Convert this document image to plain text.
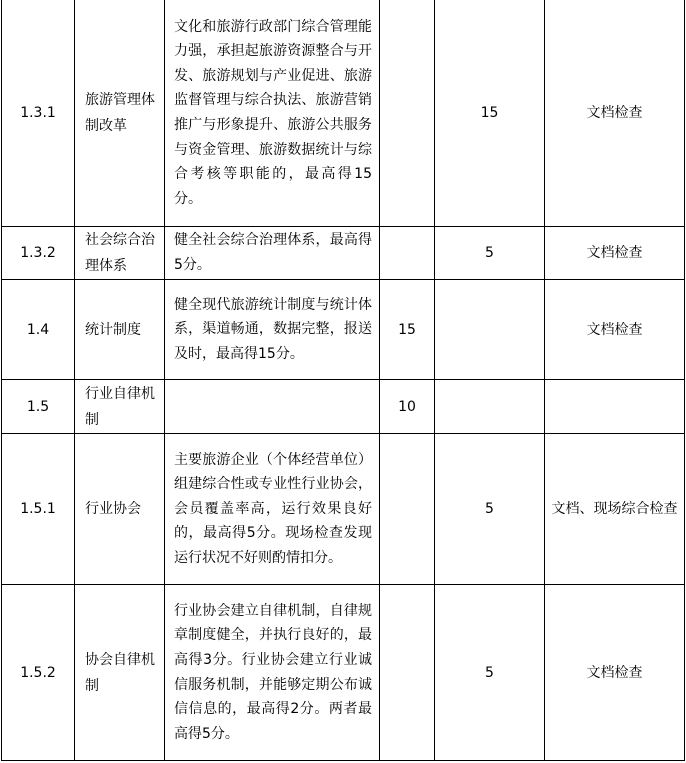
1.3.1	旅游管理体制改革	文化和旅游行政部门综合管理能力强，承担起旅游资源整合与开发、旅游规划与产业促进、旅游监督管理与综合执法、旅游营销推广与形象提升、旅游公共服务与资金管理、旅游数据统计与综合考核等职能的，最高得15分。		15	文档检查
1.3.2	社会综合治理体系	健全社会综合治理体系，最高得5分。		5	文档检查
1.4	统计制度	健全现代旅游统计制度与统计体系，渠道畅通，数据完整，报送及时，最高得15分。	15		文档检查
1.5	行业自律机制		10		
1.5.1	行业协会	主要旅游企业（个体经营单位）组建综合性或专业性行业协会，会员覆盖率高，运行效果良好的，最高得5分。现场检查发现运行状况不好则酌情扣分。		5	文档、现场综合检查
1.5.2	协会自律机制	行业协会建立自律机制，自律规章制度健全，并执行良好的，最高得3分。行业协会建立行业诚信服务机制，并能够定期公布诚信信息的，最高得2分。两者最高得5分。		5	文档检查
